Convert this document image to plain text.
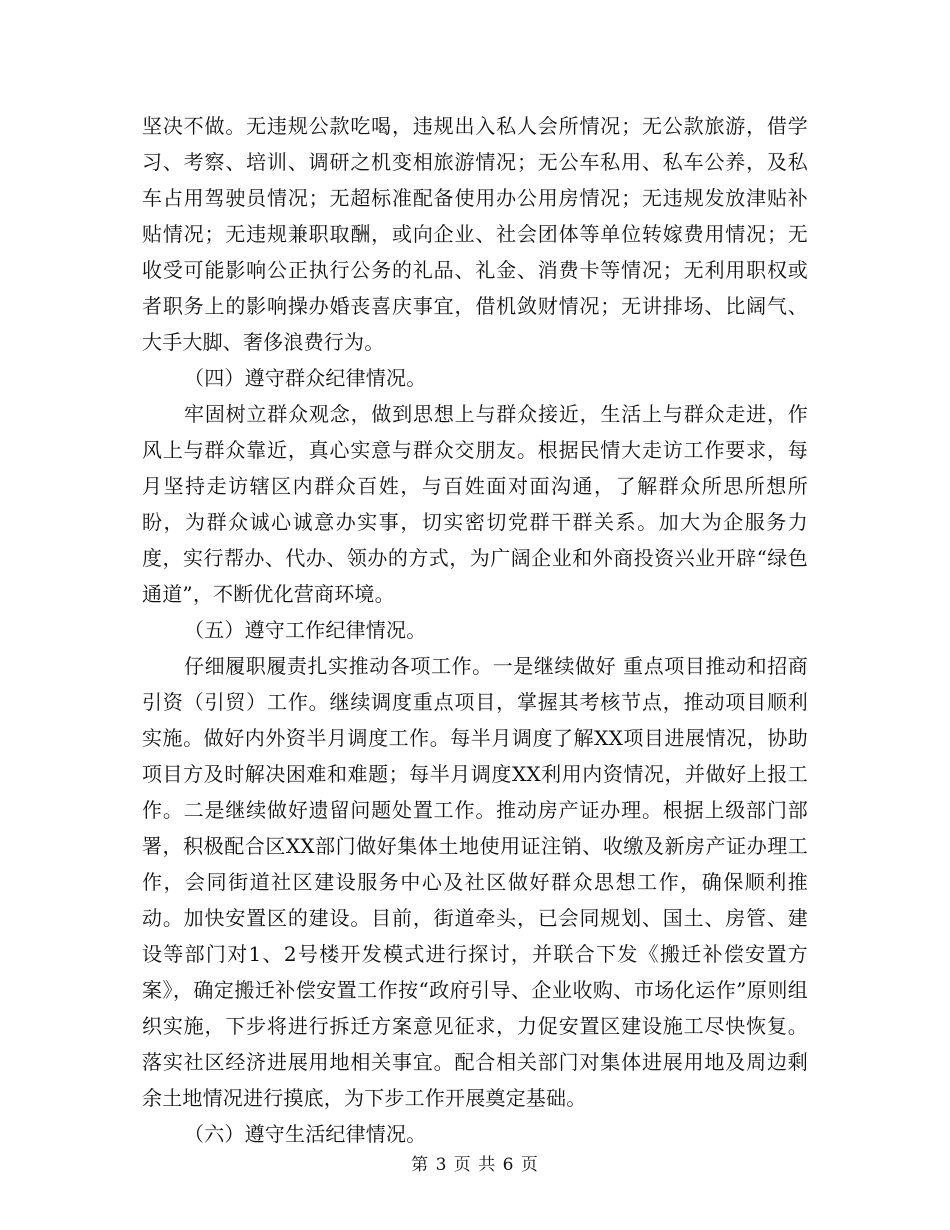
坚决不做。无违规公款吃喝，违规出入私人会所情况；无公款旅游，借学习、考察、培训、调研之机变相旅游情况；无公车私用、私车公养，及私车占用驾驶员情况；无超标准配备使用办公用房情况；无违规发放津贴补贴情况；无违规兼职取酬，或向企业、社会团体等单位转嫁费用情况；无收受可能影响公正执行公务的礼品、礼金、消费卡等情况；无利用职权或者职务上的影响操办婚丧喜庆事宜，借机敛财情况；无讲排场、比阔气、大手大脚、奢侈浪费行为。

（四）遵守群众纪律情况。

牢固树立群众观念，做到思想上与群众接近，生活上与群众走进，作风上与群众靠近，真心实意与群众交朋友。根据民情大走访工作要求，每月坚持走访辖区内群众百姓，与百姓面对面沟通，了解群众所思所想所盼，为群众诚心诚意办实事，切实密切党群干群关系。加大为企服务力度，实行帮办、代办、领办的方式，为广阔企业和外商投资兴业开辟“绿色通道”，不断优化营商环境。

（五）遵守工作纪律情况。

仔细履职履责扎实推动各项工作。一是继续做好 重点项目推动和招商引资（引贸）工作。继续调度重点项目，掌握其考核节点，推动项目顺利实施。做好内外资半月调度工作。每半月调度了解XX项目进展情况，协助项目方及时解决困难和难题；每半月调度XX利用内资情况，并做好上报工作。二是继续做好遗留问题处置工作。推动房产证办理。根据上级部门部署，积极配合区XX部门做好集体土地使用证注销、收缴及新房产证办理工作，会同街道社区建设服务中心及社区做好群众思想工作，确保顺利推动。加快安置区的建设。目前，街道牵头，已会同规划、国土、房管、建设等部门对1、2号楼开发模式进行探讨，并联合下发《搬迁补偿安置方案》，确定搬迁补偿安置工作按“政府引导、企业收购、市场化运作”原则组织实施，下步将进行拆迁方案意见征求，力促安置区建设施工尽快恢复。落实社区经济进展用地相关事宜。配合相关部门对集体进展用地及周边剩余土地情况进行摸底，为下步工作开展奠定基础。

（六）遵守生活纪律情况。

第 3 页 共 6 页
